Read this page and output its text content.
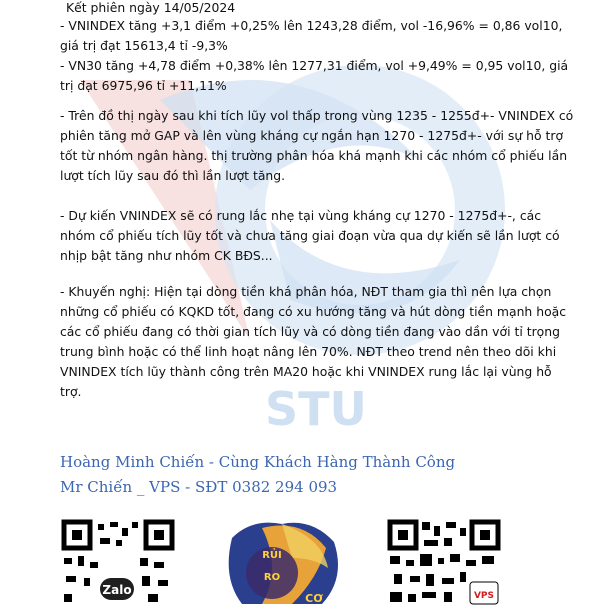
STU

Kết phiên ngày 14/05/2024

- VNINDEX tăng +3,1 điểm +0,25% lên 1243,28 điểm, vol -16,96% = 0,86 vol10, giá trị đạt 15613,4 tỉ -9,3%

- VN30 tăng +4,78 điểm +0,38% lên 1277,31 điểm, vol +9,49% = 0,95 vol10, giá trị đạt 6975,96 tỉ +11,11%

- Trên đồ thị ngày sau khi tích lũy vol thấp trong vùng 1235 - 1255đ+- VNINDEX có phiên tăng mở GAP và lên vùng kháng cự ngắn hạn 1270 - 1275đ+- với sự hỗ trợ tốt từ nhóm ngân hàng. thị trường phân hóa khá mạnh khi các nhóm cổ phiếu lần lượt tích lũy sau đó thì lần lượt tăng.

- Dự kiến VNINDEX sẽ có rung lắc nhẹ tại vùng kháng cự 1270 - 1275đ+-, các nhóm cổ phiếu tích lũy tốt và chưa tăng giai đoạn vừa qua dự kiến sẽ lần lượt có nhịp bật tăng như nhóm CK BĐS...

- Khuyến nghị: Hiện tại dòng tiền khá phân hóa, NĐT tham gia thì nên lựa chọn những cổ phiếu có KQKD tốt, đang có xu hướng tăng và hút dòng tiền mạnh hoặc các cổ phiếu đang có thời gian tích lũy và có dòng tiền đang vào dần với tỉ trọng trung bình hoặc có thể linh hoạt nâng lên 70%. NĐT theo trend nên theo dõi khi VNINDEX tích lũy thành công trên MA20 hoặc khi VNINDEX rung lắc lại vùng hỗ trợ.

Hoàng Minh Chiến - Cùng Khách Hàng Thành Công
Mr Chiến _ VPS - SĐT 0382 294 093
Zalo
RỦI
RO
CƠ	VPS
